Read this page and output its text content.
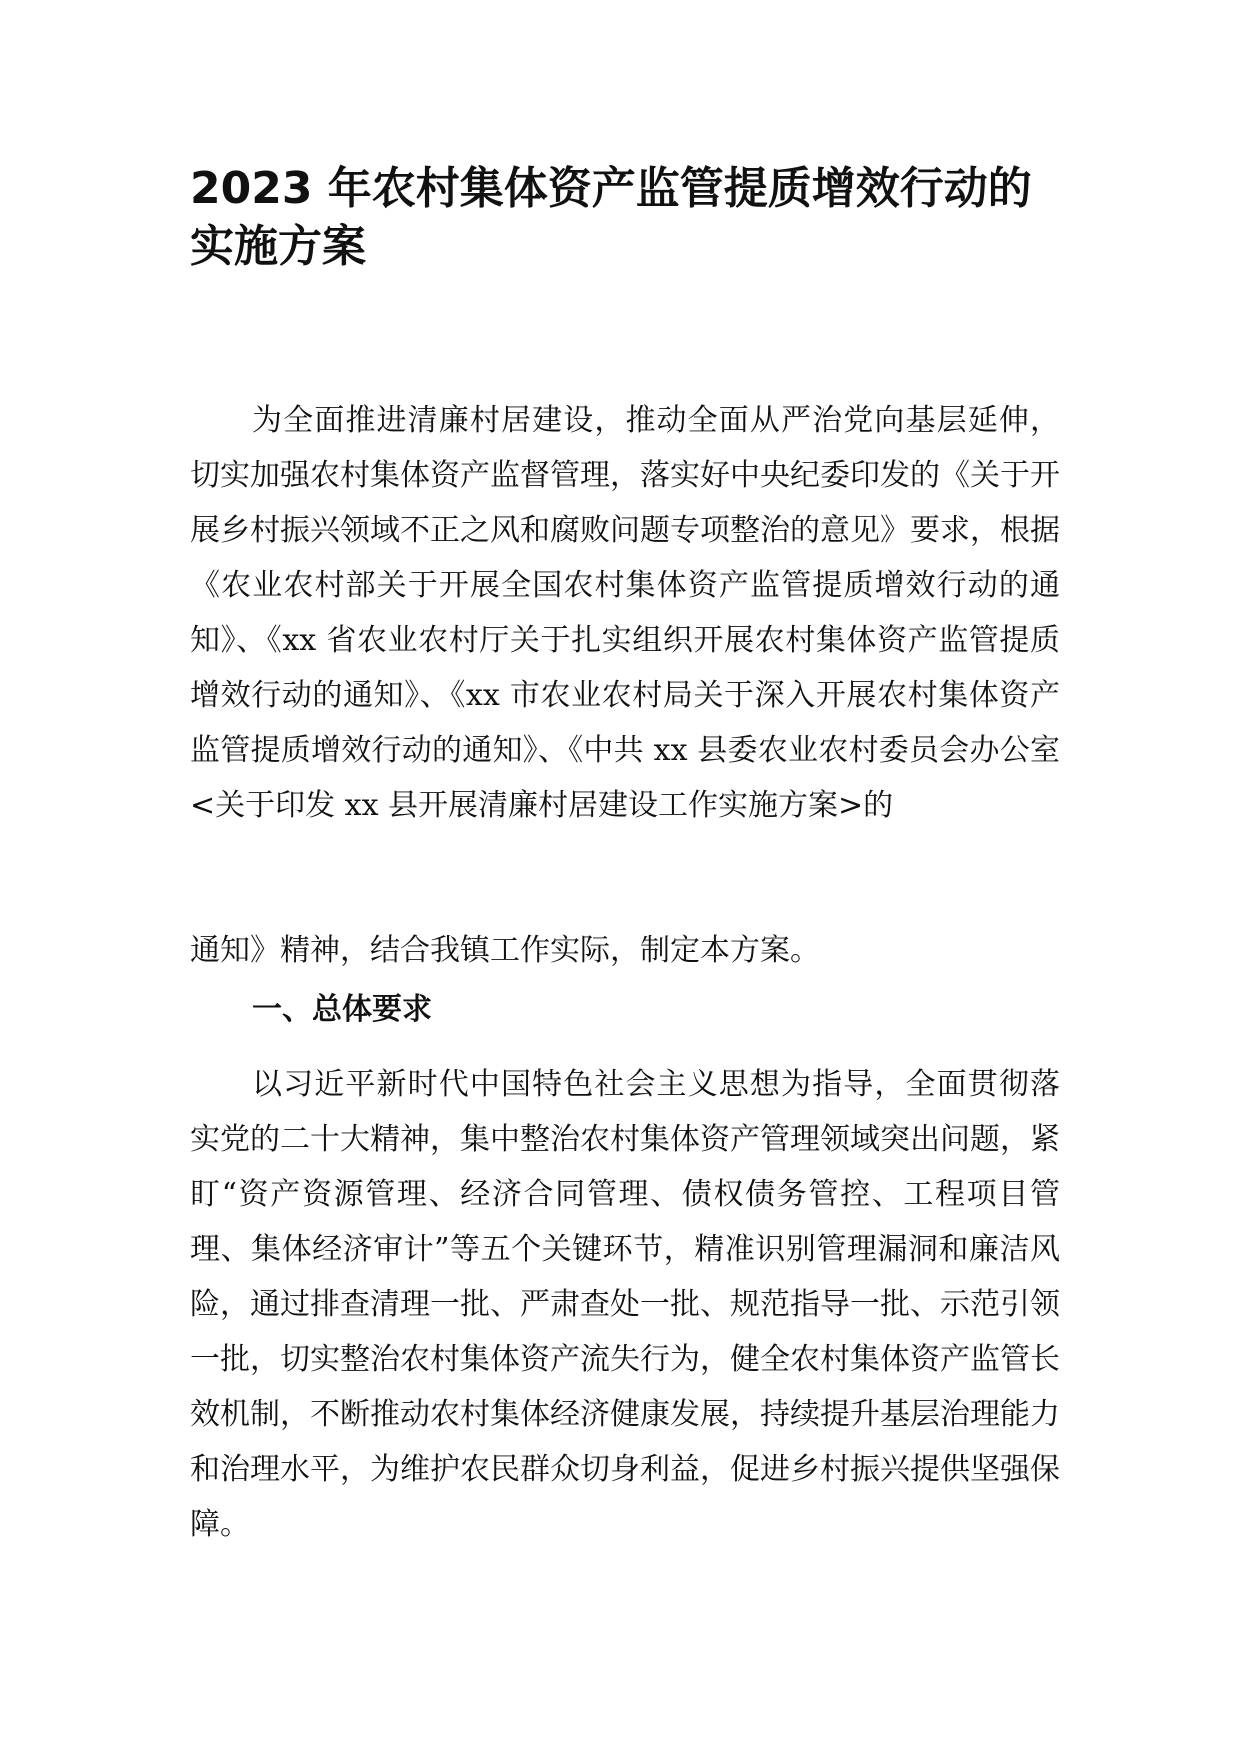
2023 年农村集体资产监管提质增效行动的实施方案

为全面推进清廉村居建设，推动全面从严治党向基层延伸，切实加强农村集体资产监督管理，落实好中央纪委印发的《关于开展乡村振兴领域不正之风和腐败问题专项整治的意见》要求，根据《农业农村部关于开展全国农村集体资产监管提质增效行动的通知》、《xx 省农业农村厅关于扎实组织开展农村集体资产监管提质增效行动的通知》、《xx 市农业农村局关于深入开展农村集体资产监管提质增效行动的通知》、《中共 xx 县委农业农村委员会办公室<关于印发 xx 县开展清廉村居建设工作实施方案>的

通知》精神，结合我镇工作实际，制定本方案。

一、总体要求

以习近平新时代中国特色社会主义思想为指导，全面贯彻落实党的二十大精神，集中整治农村集体资产管理领域突出问题，紧盯“资产资源管理、经济合同管理、债权债务管控、工程项目管理、集体经济审计”等五个关键环节，精准识别管理漏洞和廉洁风险，通过排查清理一批、严肃查处一批、规范指导一批、示范引领一批，切实整治农村集体资产流失行为，健全农村集体资产监管长效机制，不断推动农村集体经济健康发展，持续提升基层治理能力和治理水平，为维护农民群众切身利益，促进乡村振兴提供坚强保障。
